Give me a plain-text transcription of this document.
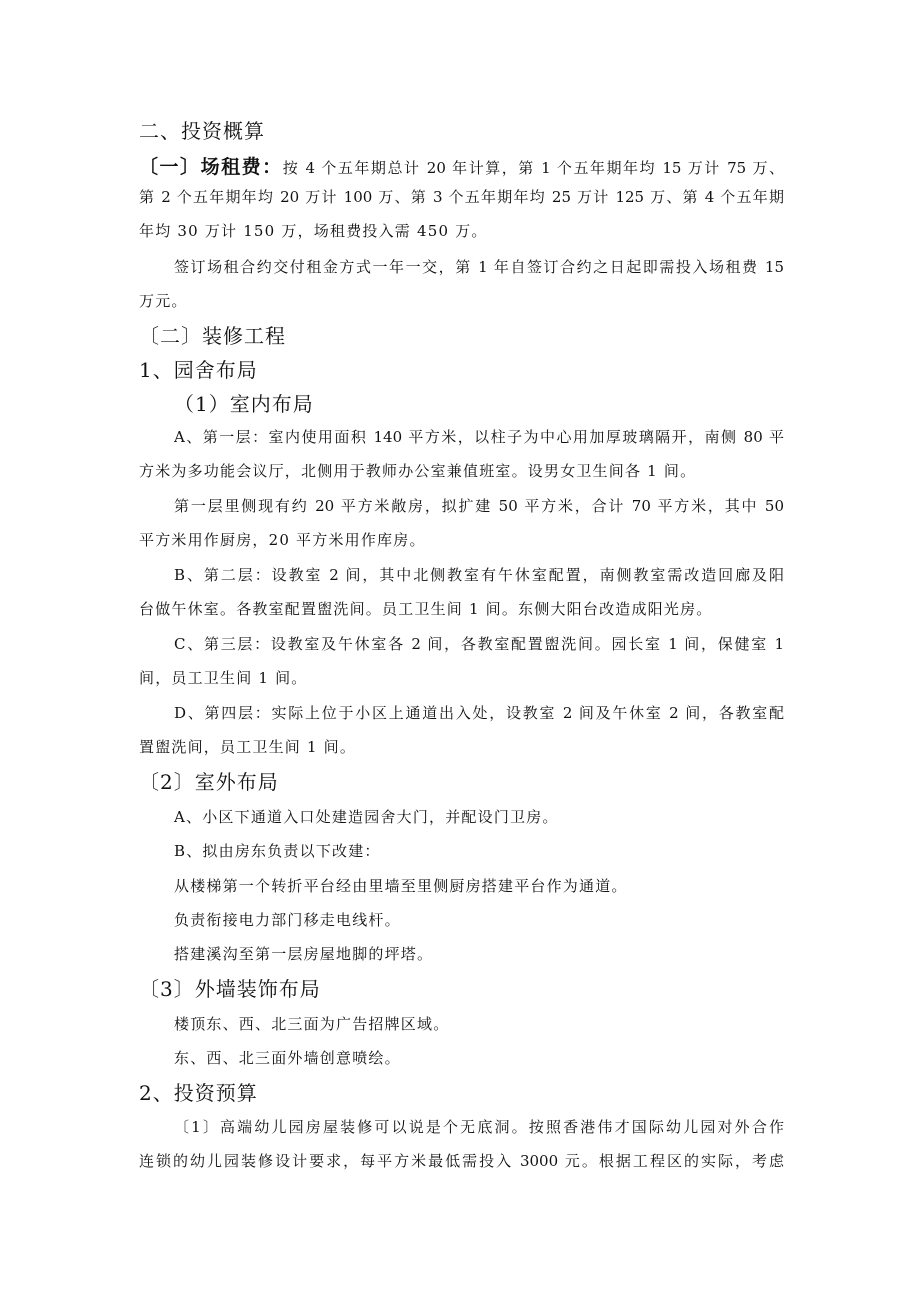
二、投资概算

〔一〕场租费：按 4 个五年期总计 20 年计算，第 1 个五年期年均 15 万计 75 万、

第 2 个五年期年均 20 万计 100 万、第 3 个五年期年均 25 万计 125 万、第 4 个五年期

年均 30 万计 150 万，场租费投入需 450 万。

签订场租合约交付租金方式一年一交，第 1 年自签订合约之日起即需投入场租费 15

万元。

〔二〕装修工程

1、园舍布局

（1）室内布局

A、第一层：室内使用面积 140 平方米，以柱子为中心用加厚玻璃隔开，南侧 80 平

方米为多功能会议厅，北侧用于教师办公室兼值班室。设男女卫生间各 1 间。

第一层里侧现有约 20 平方米敞房，拟扩建 50 平方米，合计 70 平方米，其中 50

平方米用作厨房，20 平方米用作库房。

B、第二层：设教室 2 间，其中北侧教室有午休室配置，南侧教室需改造回廊及阳

台做午休室。各教室配置盥洗间。员工卫生间 1 间。东侧大阳台改造成阳光房。

C、第三层：设教室及午休室各 2 间，各教室配置盥洗间。园长室 1 间，保健室 1

间，员工卫生间 1 间。

D、第四层：实际上位于小区上通道出入处，设教室 2 间及午休室 2 间，各教室配

置盥洗间，员工卫生间 1 间。

〔2〕室外布局

A、小区下通道入口处建造园舍大门，并配设门卫房。

B、拟由房东负责以下改建：

从楼梯第一个转折平台经由里墙至里侧厨房搭建平台作为通道。

负责衔接电力部门移走电线杆。

搭建溪沟至第一层房屋地脚的坪塔。

〔3〕外墙装饰布局

楼顶东、西、北三面为广告招牌区域。

东、西、北三面外墙创意喷绘。

2、投资预算

〔1〕高端幼儿园房屋装修可以说是个无底洞。按照香港伟才国际幼儿园对外合作

连锁的幼儿园装修设计要求，每平方米最低需投入 3000 元。根据工程区的实际，考虑
